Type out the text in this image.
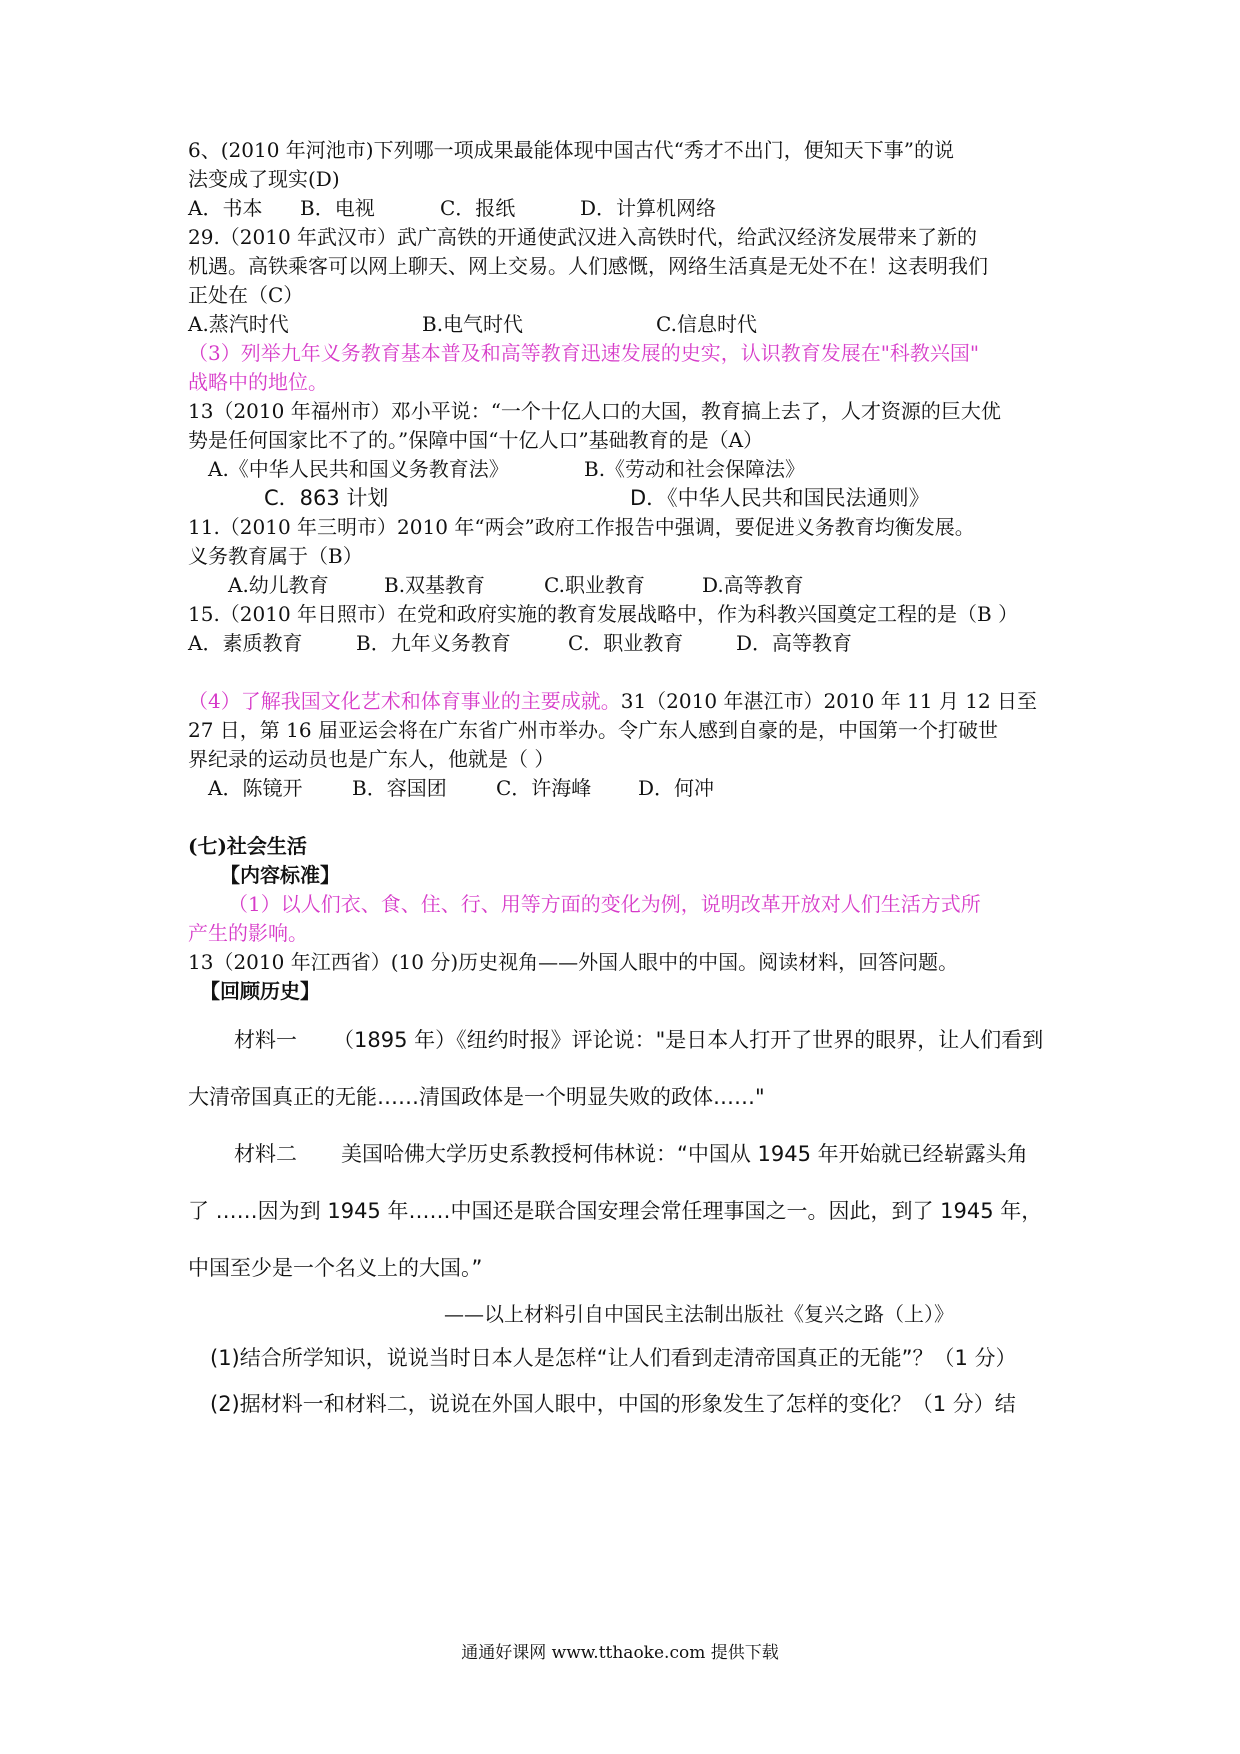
6、(2010 年河池市)下列哪一项成果最能体现中国古代“秀才不出门，便知天下事”的说
法变成了现实(D)
A．书本 B．电视	C．报纸	D．计算机网络
29.（2010 年武汉市）武广高铁的开通使武汉进入高铁时代，给武汉经济发展带来了新的
机遇。高铁乘客可以网上聊天、网上交易。人们感慨，网络生活真是无处不在！这表明我们
正处在（C）
A.蒸汽时代	B.电气时代	C.信息时代
（3）列举九年义务教育基本普及和高等教育迅速发展的史实，认识教育发展在"科教兴国"
战略中的地位。
13（2010 年福州市）邓小平说：“一个十亿人口的大国，教育搞上去了，人才资源的巨大优
势是任何国家比不了的。”保障中国“十亿人口”基础教育的是（A）
A.《中华人民共和国义务教育法》	B.《劳动和社会保障法》
C．863 计划	D．《中华人民共和国民法通则》
11.（2010 年三明市）2010 年“两会”政府工作报告中强调，要促进义务教育均衡发展。
义务教育属于（B）
A.幼儿教育	B.双基教育	C.职业教育	D.高等教育
15.（2010 年日照市）在党和政府实施的教育发展战略中，作为科教兴国奠定工程的是（B ）
A．素质教育	B．九年义务教育	C．职业教育	D．高等教育
（4）了解我国文化艺术和体育事业的主要成就。31（2010 年湛江市）2010 年 11 月 12 日至
27 日，第 16 届亚运会将在广东省广州市举办。令广东人感到自豪的是，中国第一个打破世
界纪录的运动员也是广东人，他就是（ ）
A．陈镜开 B．容国团 C．许海峰 D．何冲
(七)社会生活
【内容标准】
（1）以人们衣、食、住、行、用等方面的变化为例，说明改革开放对人们生活方式所
产生的影响。
13（2010 年江西省）(10 分)历史视角——外国人眼中的中国。阅读材料，回答问题。
【回顾历史】
材料一 （1895 年）《纽约时报》评论说："是日本人打开了世界的眼界，让人们看到
大清帝国真正的无能……清国政体是一个明显失败的政体……"
材料二 美国哈佛大学历史系教授柯伟林说：“中国从 1945 年开始就已经崭露头角
了 ……因为到 1945 年……中国还是联合国安理会常任理事国之一。因此，到了 1945 年，
中国至少是一个名义上的大国。”
——以上材料引自中国民主法制出版社《复兴之路（上）》
(1)结合所学知识，说说当时日本人是怎样“让人们看到走清帝国真正的无能”？（1 分）
(2)据材料一和材料二，说说在外国人眼中，中国的形象发生了怎样的变化？（1 分）结
通通好课网 www.tthaoke.com 提供下载
